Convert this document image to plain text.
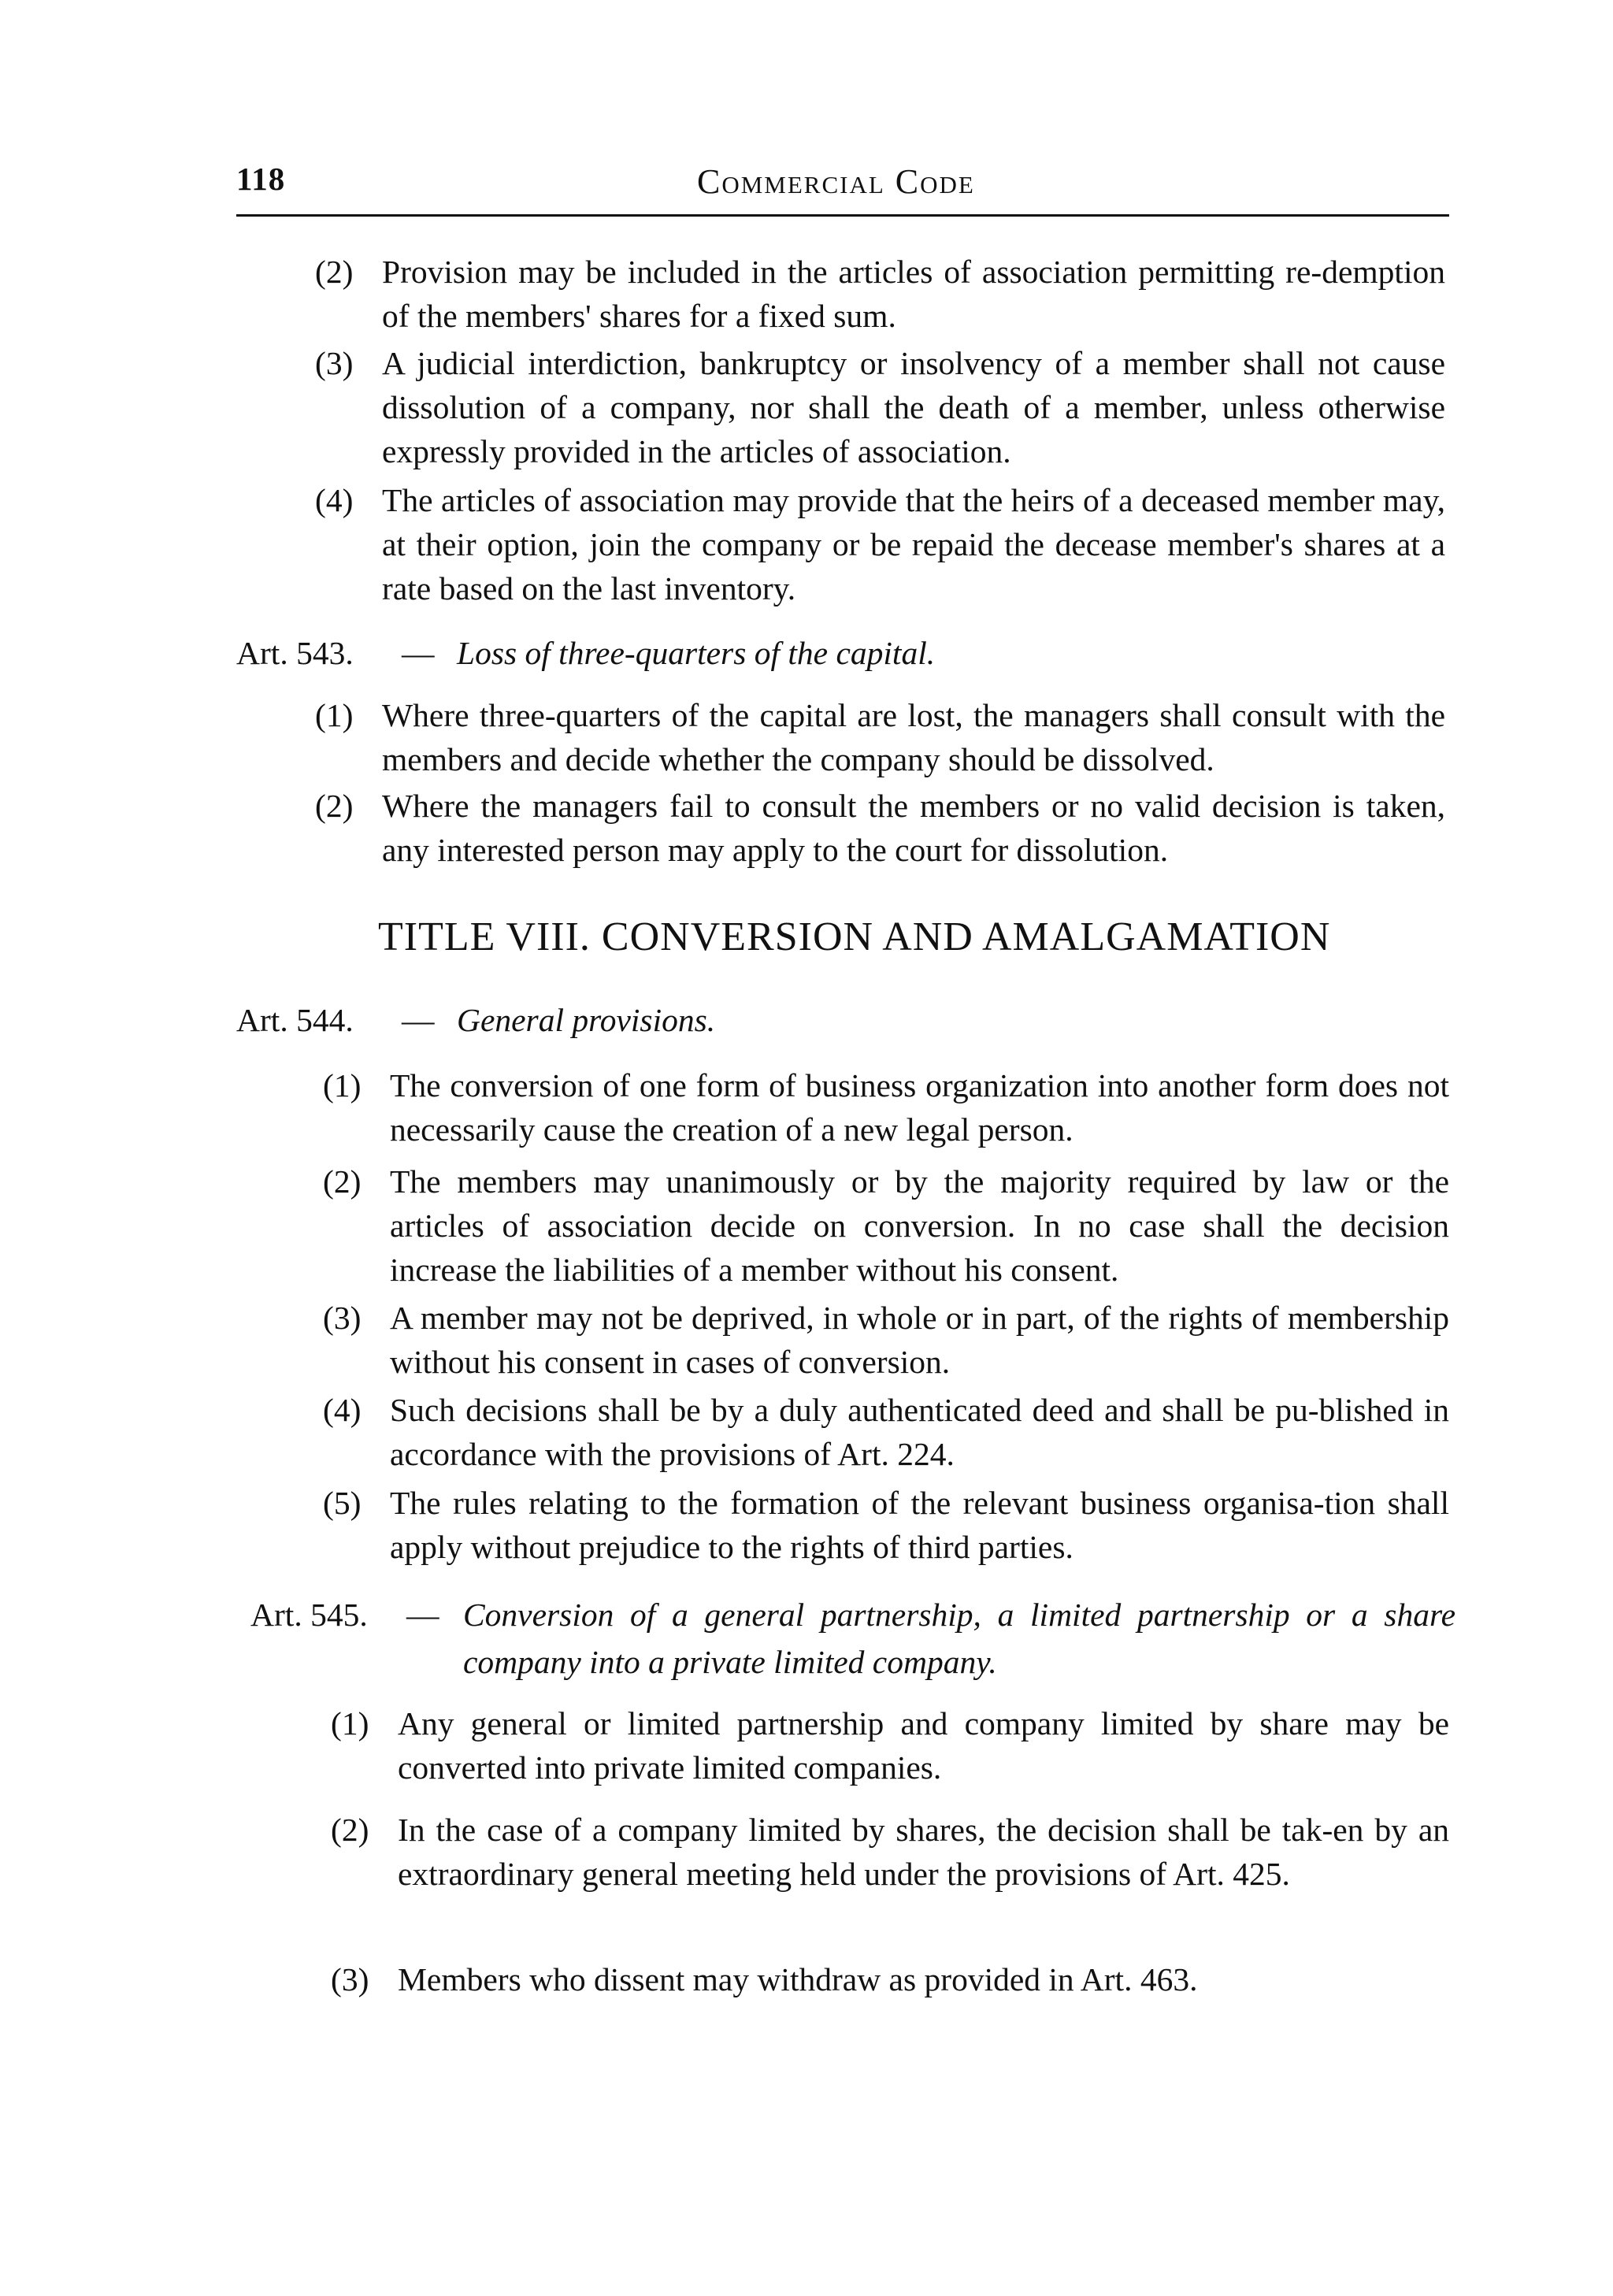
118	Commercial Code
(2) Provision may be included in the articles of association permitting re-demption of the members' shares for a fixed sum.
(3) A judicial interdiction, bankruptcy or insolvency of a member shall not cause dissolution of a company, nor shall the death of a member, unless otherwise expressly provided in the articles of association.
(4) The articles of association may provide that the heirs of a deceased member may, at their option, join the company or be repaid the decease member's shares at a rate based on the last inventory.
Art. 543. — Loss of three-quarters of the capital.
(1) Where three-quarters of the capital are lost, the managers shall consult with the members and decide whether the company should be dissolved.
(2) Where the managers fail to consult the members or no valid decision is taken, any interested person may apply to the court for dissolution.
TITLE VIII. CONVERSION AND AMALGAMATION
Art. 544. — General provisions.
(1) The conversion of one form of business organization into another form does not necessarily cause the creation of a new legal person.
(2) The members may unanimously or by the majority required by law or the articles of association decide on conversion. In no case shall the decision increase the liabilities of a member without his consent.
(3) A member may not be deprived, in whole or in part, of the rights of membership without his consent in cases of conversion.
(4) Such decisions shall be by a duly authenticated deed and shall be pu-blished in accordance with the provisions of Art. 224.
(5) The rules relating to the formation of the relevant business organisa-tion shall apply without prejudice to the rights of third parties.
Art. 545. — Conversion of a general partnership, a limited partnership or a share company into a private limited company.
(1) Any general or limited partnership and company limited by share may be converted into private limited companies.
(2) In the case of a company limited by shares, the decision shall be tak-en by an extraordinary general meeting held under the provisions of Art. 425.
(3) Members who dissent may withdraw as provided in Art. 463.
